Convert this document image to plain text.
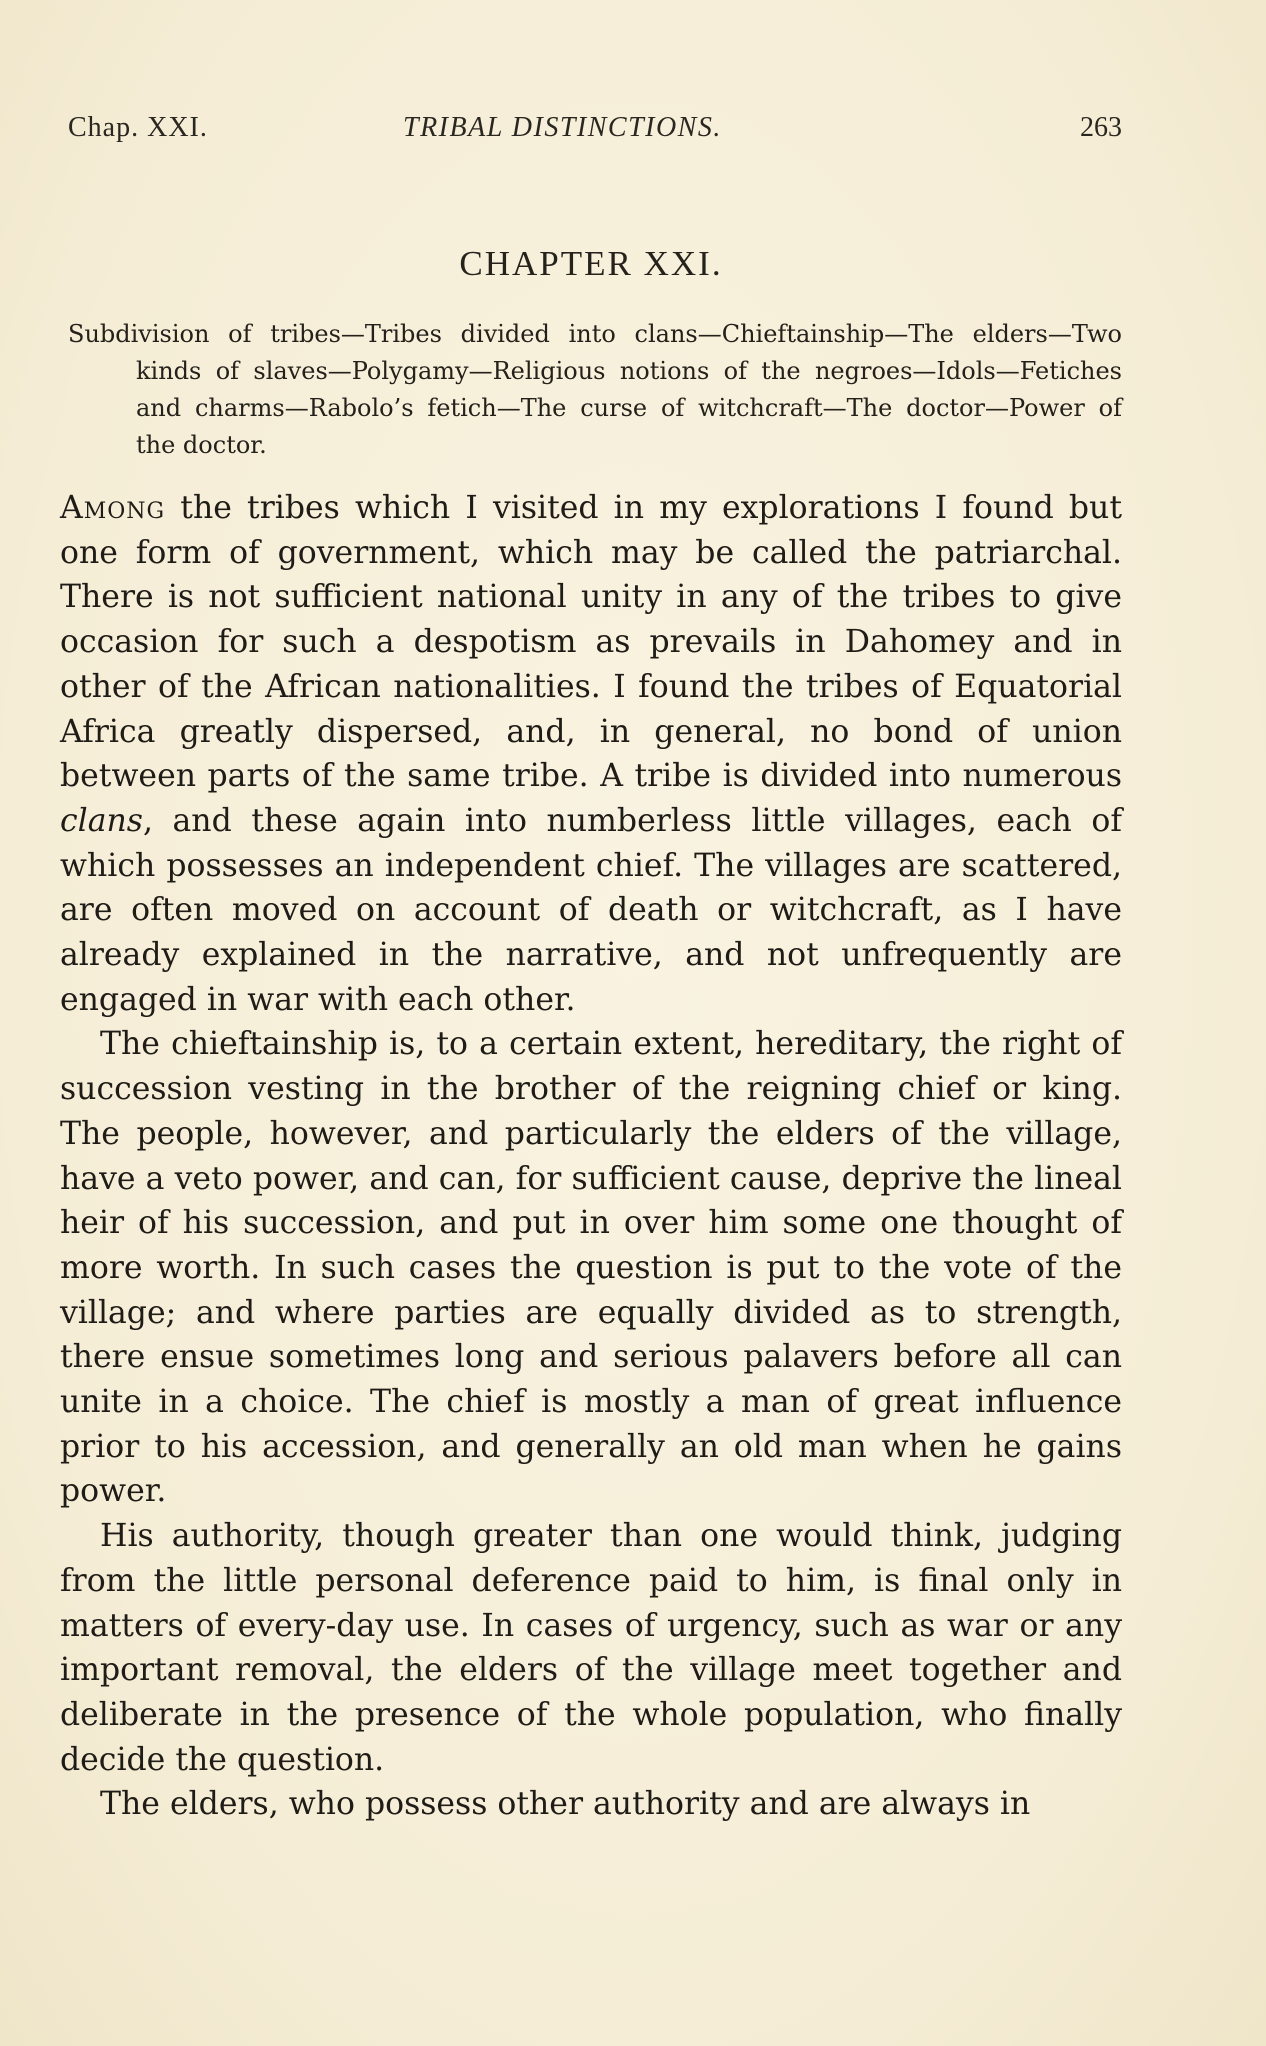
Chap. XXI.	TRIBAL DISTINCTIONS.	263
CHAPTER XXI.

Subdivision of tribes—Tribes divided into clans—Chieftainship—The elders—Two kinds of slaves—Polygamy—Religious notions of the negroes—Idols—Fetiches and charms—Rabolo’s fetich—The curse of witchcraft—The doctor—Power of the doctor.

Among the tribes which I visited in my explorations I found but one form of government, which may be called the patriarchal. There is not sufficient national unity in any of the tribes to give occasion for such a despotism as prevails in Dahomey and in other of the African nationalities. I found the tribes of Equatorial Africa greatly dispersed, and, in general, no bond of union between parts of the same tribe. A tribe is divided into numerous clans, and these again into numberless little villages, each of which possesses an independent chief. The villages are scattered, are often moved on account of death or witchcraft, as I have already explained in the narrative, and not unfrequently are engaged in war with each other.

The chieftainship is, to a certain extent, hereditary, the right of succession vesting in the brother of the reigning chief or king. The people, however, and particularly the elders of the village, have a veto power, and can, for sufficient cause, deprive the lineal heir of his succession, and put in over him some one thought of more worth. In such cases the question is put to the vote of the village; and where parties are equally divided as to strength, there ensue sometimes long and serious palavers before all can unite in a choice. The chief is mostly a man of great influence prior to his accession, and generally an old man when he gains power.

His authority, though greater than one would think, judging from the little personal deference paid to him, is final only in matters of every-day use. In cases of urgency, such as war or any important removal, the elders of the village meet together and deliberate in the presence of the whole population, who finally decide the question.

The elders, who possess other authority and are always in
